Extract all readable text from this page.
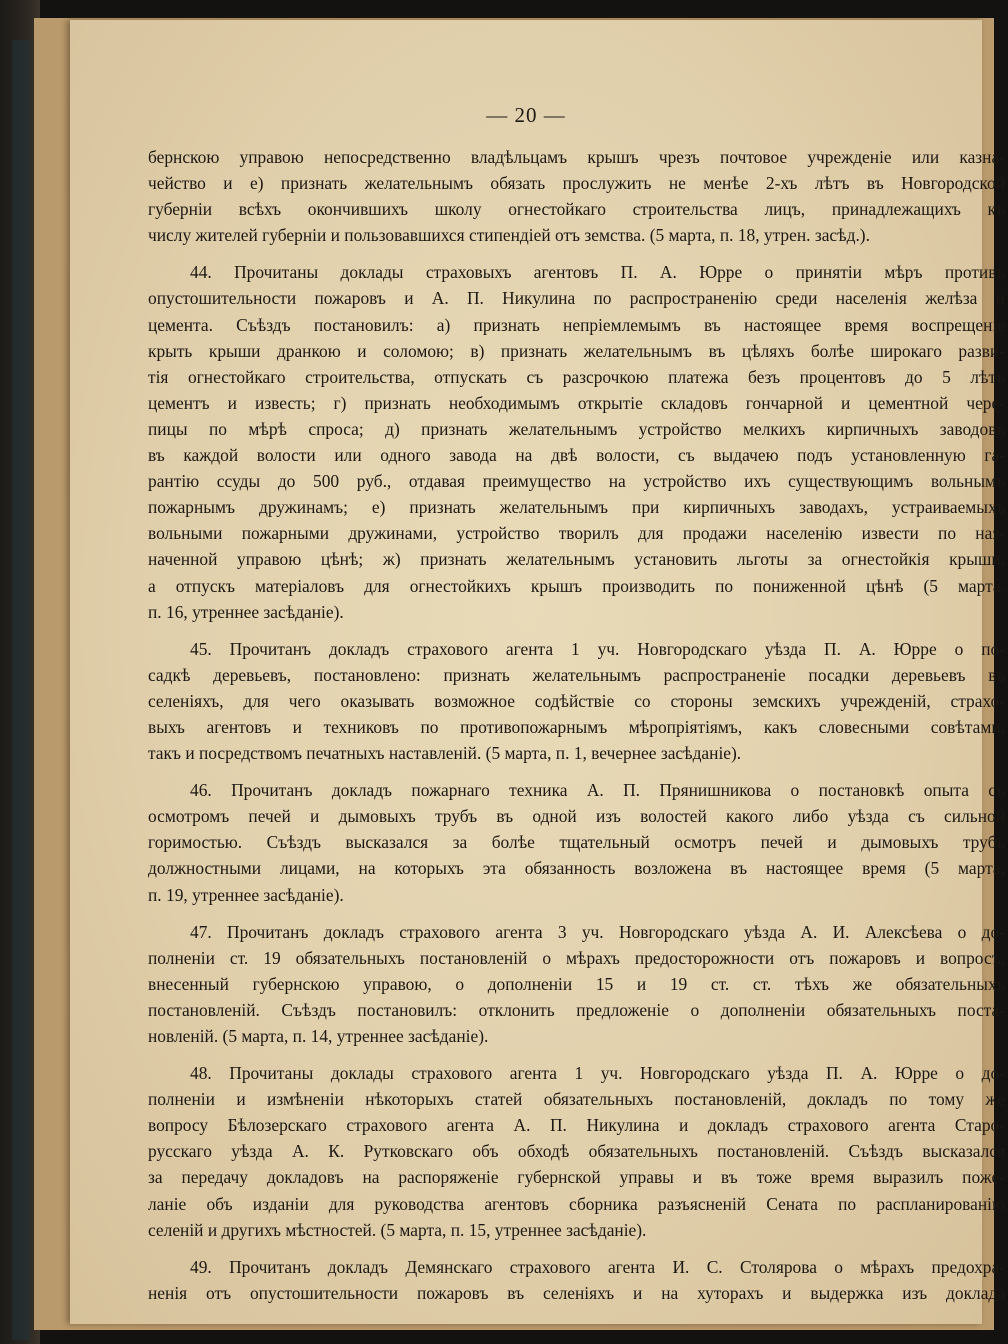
— 20 —
бернскою управою непосредственно владѣльцамъ крышъ чрезъ почтовое учрежденіе или казна-
чейство и е) признать желательнымъ обязать прослужить не менѣе 2-хъ лѣтъ въ Новгородской
губерніи всѣхъ окончившихъ школу огнестойкаго строительства лицъ, принадлежащихъ къ
числу жителей губерніи и пользовавшихся стипендіей отъ земства. (5 марта, п. 18, утрен. засѣд.).
44. Прочитаны доклады страховыхъ агентовъ П. А. Юрре о принятіи мѣръ противъ
опустошительности пожаровъ и А. П. Никулина по распространенію среди населенія желѣза и
цемента. Съѣздъ постановилъ: а) признать непріемлемымъ въ настоящее время воспрещеніе
крыть крыши дранкою и соломою; в) признать желательнымъ въ цѣляхъ болѣе широкаго разви-
тія огнестойкаго строительства, отпускать съ разсрочкою платежа безъ процентовъ до 5 лѣтъ
цементъ и известь; г) признать необходимымъ открытіе складовъ гончарной и цементной чере-
пицы по мѣрѣ спроса; д) признать желательнымъ устройство мелкихъ кирпичныхъ заводовъ
въ каждой волости или одного завода на двѣ волости, съ выдачею подъ установленную га-
рантію ссуды до 500 руб., отдавая преимущество на устройство ихъ существующимъ вольнымъ
пожарнымъ дружинамъ; е) признать желательнымъ при кирпичныхъ заводахъ, устраиваемыхъ
вольными пожарными дружинами, устройство творилъ для продажи населенію извести по наз-
наченной управою цѣнѣ; ж) признать желательнымъ установить льготы за огнестойкія крыши,
а отпускъ матеріаловъ для огнестойкихъ крышъ производить по пониженной цѣнѣ (5 марта,
п. 16, утреннее засѣданіе).
45. Прочитанъ докладъ страхового агента 1 уч. Новгородскаго уѣзда П. А. Юрре о по-
садкѣ деревьевъ, постановлено: признать желательнымъ распространеніе посадки деревьевъ въ
селеніяхъ, для чего оказывать возможное содѣйствіе со стороны земскихъ учрежденій, страхо-
выхъ агентовъ и техниковъ по противопожарнымъ мѣропріятіямъ, какъ словесными совѣтами,
такъ и посредствомъ печатныхъ наставленій. (5 марта, п. 1, вечернее засѣданіе).
46. Прочитанъ докладъ пожарнаго техника А. П. Прянишникова о постановкѣ опыта съ
осмотромъ печей и дымовыхъ трубъ въ одной изъ волостей какого либо уѣзда съ сильной
горимостью. Съѣздъ высказался за болѣе тщательный осмотръ печей и дымовыхъ трубъ
должностными лицами, на которыхъ эта обязанность возложена въ настоящее время (5 марта,
п. 19, утреннее засѣданіе).
47. Прочитанъ докладъ страхового агента 3 уч. Новгородскаго уѣзда А. И. Алексѣева о до-
полненіи ст. 19 обязательныхъ постановленій о мѣрахъ предосторожности отъ пожаровъ и вопросъ,
внесенный губернскою управою, о дополненіи 15 и 19 ст. ст. тѣхъ же обязательныхъ
постановленій. Съѣздъ постановилъ: отклонить предложеніе о дополненіи обязательныхъ поста-
новленій. (5 марта, п. 14, утреннее засѣданіе).
48. Прочитаны доклады страхового агента 1 уч. Новгородскаго уѣзда П. А. Юрре о до-
полненіи и измѣненіи нѣкоторыхъ статей обязательныхъ постановленій, докладъ по тому же
вопросу Бѣлозерскаго страхового агента А. П. Никулина и докладъ страхового агента Старо-
русскаго уѣзда А. К. Рутковскаго объ обходѣ обязательныхъ постановленій. Съѣздъ высказался
за передачу докладовъ на распоряженіе губернской управы и въ тоже время выразилъ поже-
ланіе объ изданіи для руководства агентовъ сборника разъясненій Сената по распланированію
селеній и другихъ мѣстностей. (5 марта, п. 15, утреннее засѣданіе).
49. Прочитанъ докладъ Демянскаго страхового агента И. С. Столярова о мѣрахъ предохра-
ненія отъ опустошительности пожаровъ въ селеніяхъ и на хуторахъ и выдержка изъ доклада
